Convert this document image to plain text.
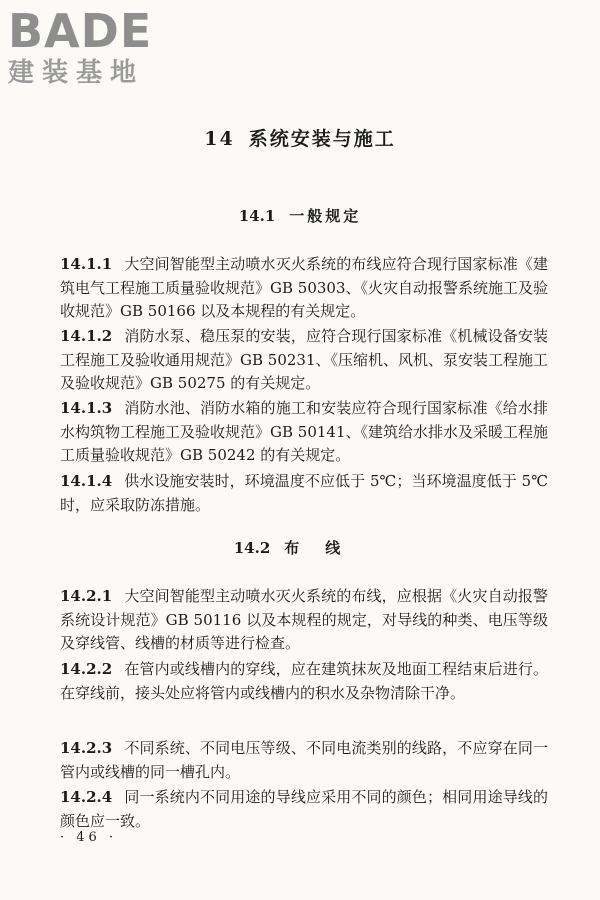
BADE
建装基地
14 系统安装与施工
14.1 一般规定

14.1.1 大空间智能型主动喷水灭火系统的布线应符合现行国家标准《建筑电气工程施工质量验收规范》GB 50303、《火灾自动报警系统施工及验收规范》GB 50166 以及本规程的有关规定。

14.1.2 消防水泵、稳压泵的安装，应符合现行国家标准《机械设备安装工程施工及验收通用规范》GB 50231、《压缩机、风机、泵安装工程施工及验收规范》GB 50275 的有关规定。

14.1.3 消防水池、消防水箱的施工和安装应符合现行国家标准《给水排水构筑物工程施工及验收规范》GB 50141、《建筑给水排水及采暖工程施工质量验收规范》GB 50242 的有关规定。

14.1.4 供水设施安装时，环境温度不应低于 5℃；当环境温度低于 5℃时，应采取防冻措施。

14.2 布线

14.2.1 大空间智能型主动喷水灭火系统的布线，应根据《火灾自动报警系统设计规范》GB 50116 以及本规程的规定，对导线的种类、电压等级及穿线管、线槽的材质等进行检查。

14.2.2 在管内或线槽内的穿线，应在建筑抹灰及地面工程结束后进行。在穿线前，接头处应将管内或线槽内的积水及杂物清除干净。

14.2.3 不同系统、不同电压等级、不同电流类别的线路，不应穿在同一管内或线槽的同一槽孔内。

14.2.4 同一系统内不同用途的导线应采用不同的颜色；相同用途导线的颜色应一致。

· 46 ·
